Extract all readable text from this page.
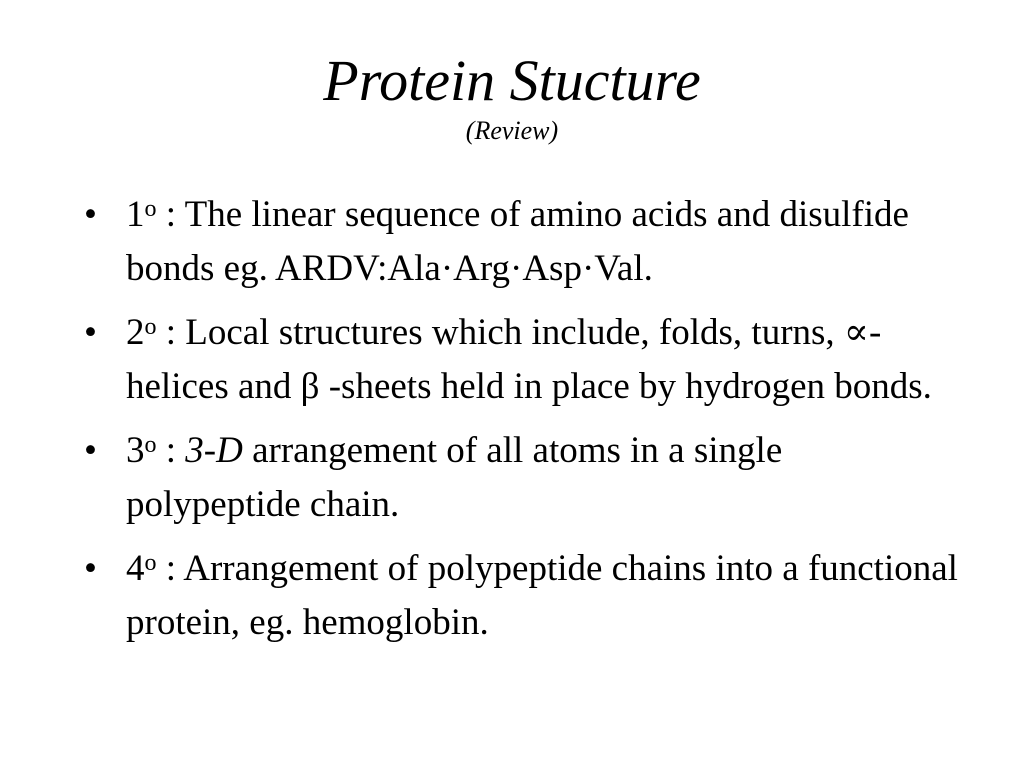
Protein Stucture

(Review)

• 1$^o$ : The linear sequence of amino acids and disulfide bonds eg. ARDV:Ala·Arg·Asp·Val.
• 2$^o$ : Local structures which include, folds, turns, ∝-helices and β -sheets held in place by hydrogen bonds.
• 3$^o$ : 3-D arrangement of all atoms in a single polypeptide chain.
• 4$^o$ : Arrangement of polypeptide chains into a functional protein, eg. hemoglobin.
